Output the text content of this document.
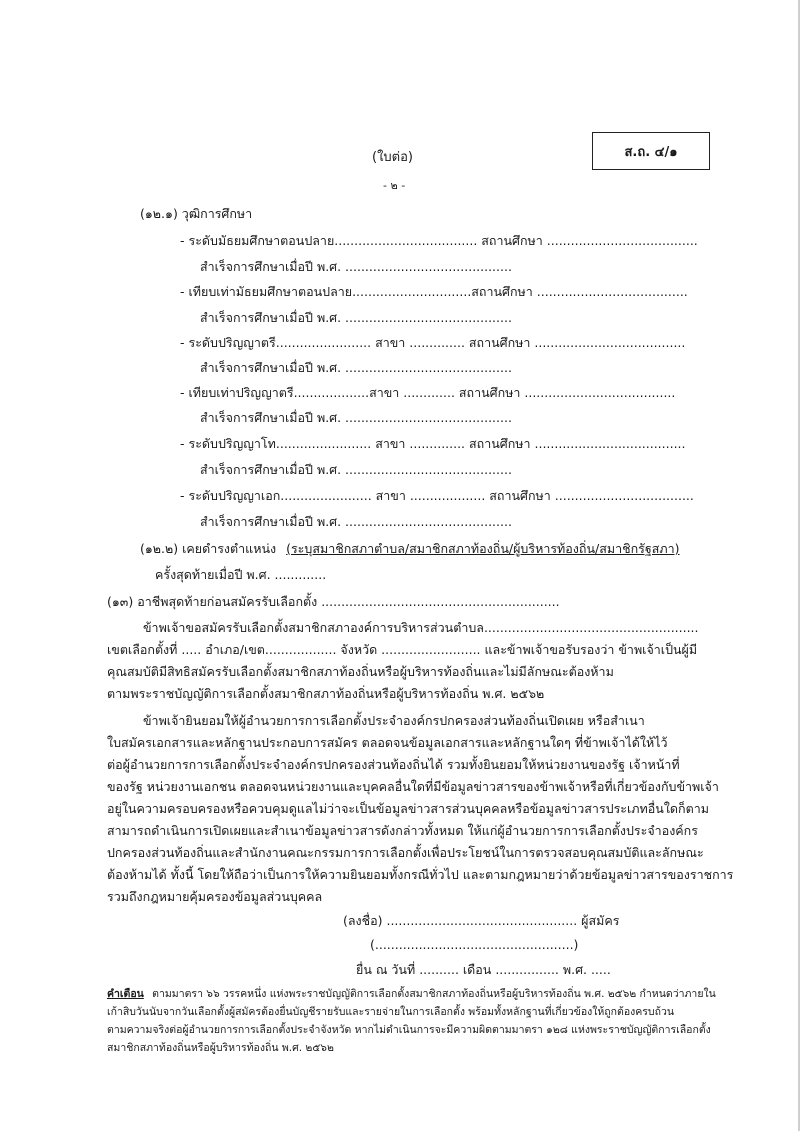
ส.ถ. ๔/๑
(ใบต่อ)
- ๒ -
(๑๒.๑) วุฒิการศึกษา
- ระดับมัธยมศึกษาตอนปลาย.................................... สถานศึกษา ......................................
สำเร็จการศึกษาเมื่อปี พ.ศ. ..........................................
- เทียบเท่ามัธยมศึกษาตอนปลาย..............................สถานศึกษา ......................................
สำเร็จการศึกษาเมื่อปี พ.ศ. ..........................................
- ระดับปริญญาตรี........................ สาขา .............. สถานศึกษา ......................................
สำเร็จการศึกษาเมื่อปี พ.ศ. ..........................................
- เทียบเท่าปริญญาตรี...................สาขา ............. สถานศึกษา ......................................
สำเร็จการศึกษาเมื่อปี พ.ศ. ..........................................
- ระดับปริญญาโท........................ สาขา .............. สถานศึกษา ......................................
สำเร็จการศึกษาเมื่อปี พ.ศ. ..........................................
- ระดับปริญญาเอก....................... สาขา ................... สถานศึกษา ...................................
สำเร็จการศึกษาเมื่อปี พ.ศ. ..........................................
(๑๒.๒) เคยดำรงตำแหน่ง (ระบุสมาชิกสภาตำบล/สมาชิกสภาท้องถิ่น/ผู้บริหารท้องถิ่น/สมาชิกรัฐสภา)
ครั้งสุดท้ายเมื่อปี พ.ศ. .............
(๑๓) อาชีพสุดท้ายก่อนสมัครรับเลือกตั้ง ............................................................
ข้าพเจ้าขอสมัครรับเลือกตั้งสมาชิกสภาองค์การบริหารส่วนตำบล......................................................
เขตเลือกตั้งที่ ..... อำเภอ/เขต.................. จังหวัด ......................... และข้าพเจ้าขอรับรองว่า ข้าพเจ้าเป็นผู้มี
คุณสมบัติมีสิทธิสมัครรับเลือกตั้งสมาชิกสภาท้องถิ่นหรือผู้บริหารท้องถิ่นและไม่มีลักษณะต้องห้าม
ตามพระราชบัญญัติการเลือกตั้งสมาชิกสภาท้องถิ่นหรือผู้บริหารท้องถิ่น พ.ศ. ๒๕๖๒
ข้าพเจ้ายินยอมให้ผู้อำนวยการการเลือกตั้งประจำองค์กรปกครองส่วนท้องถิ่นเปิดเผย หรือสำเนา
ใบสมัครเอกสารและหลักฐานประกอบการสมัคร ตลอดจนข้อมูลเอกสารและหลักฐานใดๆ ที่ข้าพเจ้าได้ให้ไว้
ต่อผู้อำนวยการการเลือกตั้งประจำองค์กรปกครองส่วนท้องถิ่นได้ รวมทั้งยินยอมให้หน่วยงานของรัฐ เจ้าหน้าที่
ของรัฐ หน่วยงานเอกชน ตลอดจนหน่วยงานและบุคคลอื่นใดที่มีข้อมูลข่าวสารของข้าพเจ้าหรือที่เกี่ยวข้องกับข้าพเจ้า
อยู่ในความครอบครองหรือควบคุมดูแลไม่ว่าจะเป็นข้อมูลข่าวสารส่วนบุคคลหรือข้อมูลข่าวสารประเภทอื่นใดก็ตาม
สามารถดำเนินการเปิดเผยและสำเนาข้อมูลข่าวสารดังกล่าวทั้งหมด ให้แก่ผู้อำนวยการการเลือกตั้งประจำองค์กร
ปกครองส่วนท้องถิ่นและสำนักงานคณะกรรมการการเลือกตั้งเพื่อประโยชน์ในการตรวจสอบคุณสมบัติและลักษณะ
ต้องห้ามได้ ทั้งนี้ โดยให้ถือว่าเป็นการให้ความยินยอมทั้งกรณีทั่วไป และตามกฎหมายว่าด้วยข้อมูลข่าวสารของราชการ
รวมถึงกฎหมายคุ้มครองข้อมูลส่วนบุคคล
(ลงชื่อ) ................................................ ผู้สมัคร
(..................................................)
ยื่น ณ วันที่ .......... เดือน ................ พ.ศ. .....
คำเตือน ตามมาตรา ๖๖ วรรคหนึ่ง แห่งพระราชบัญญัติการเลือกตั้งสมาชิกสภาท้องถิ่นหรือผู้บริหารท้องถิ่น พ.ศ. ๒๕๖๒ กำหนดว่าภายใน
เก้าสิบวันนับจากวันเลือกตั้งผู้สมัครต้องยื่นบัญชีรายรับและรายจ่ายในการเลือกตั้ง พร้อมทั้งหลักฐานที่เกี่ยวข้องให้ถูกต้องครบถ้วน
ตามความจริงต่อผู้อำนวยการการเลือกตั้งประจำจังหวัด หากไม่ดำเนินการจะมีความผิดตามมาตรา ๑๒๘ แห่งพระราชบัญญัติการเลือกตั้ง
สมาชิกสภาท้องถิ่นหรือผู้บริหารท้องถิ่น พ.ศ. ๒๕๖๒
